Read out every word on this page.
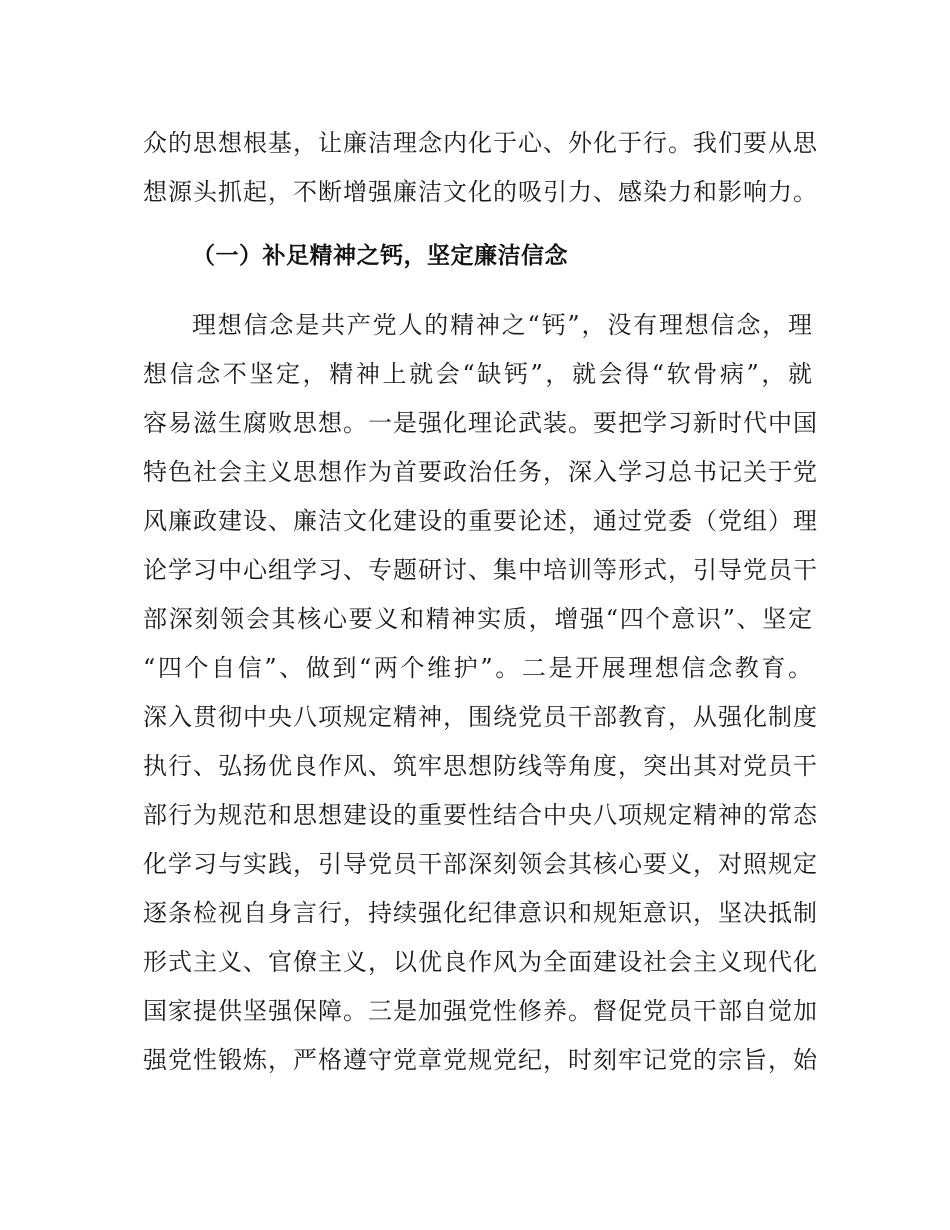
众的思想根基，让廉洁理念内化于心、外化于行。我们要从思
想源头抓起，不断增强廉洁文化的吸引力、感染力和影响力。
（一）补足精神之钙，坚定廉洁信念
理想信念是共产党人的精神之“钙”，没有理想信念，理
想信念不坚定，精神上就会“缺钙”，就会得“软骨病”，就
容易滋生腐败思想。一是强化理论武装。要把学习新时代中国
特色社会主义思想作为首要政治任务，深入学习总书记关于党
风廉政建设、廉洁文化建设的重要论述，通过党委（党组）理
论学习中心组学习、专题研讨、集中培训等形式，引导党员干
部深刻领会其核心要义和精神实质，增强“四个意识”、坚定
“四个自信”、做到“两个维护”。二是开展理想信念教育。
深入贯彻中央八项规定精神，围绕党员干部教育，从强化制度
执行、弘扬优良作风、筑牢思想防线等角度，突出其对党员干
部行为规范和思想建设的重要性结合中央八项规定精神的常态
化学习与实践，引导党员干部深刻领会其核心要义，对照规定
逐条检视自身言行，持续强化纪律意识和规矩意识，坚决抵制
形式主义、官僚主义，以优良作风为全面建设社会主义现代化
国家提供坚强保障。三是加强党性修养。督促党员干部自觉加
强党性锻炼，严格遵守党章党规党纪，时刻牢记党的宗旨，始
